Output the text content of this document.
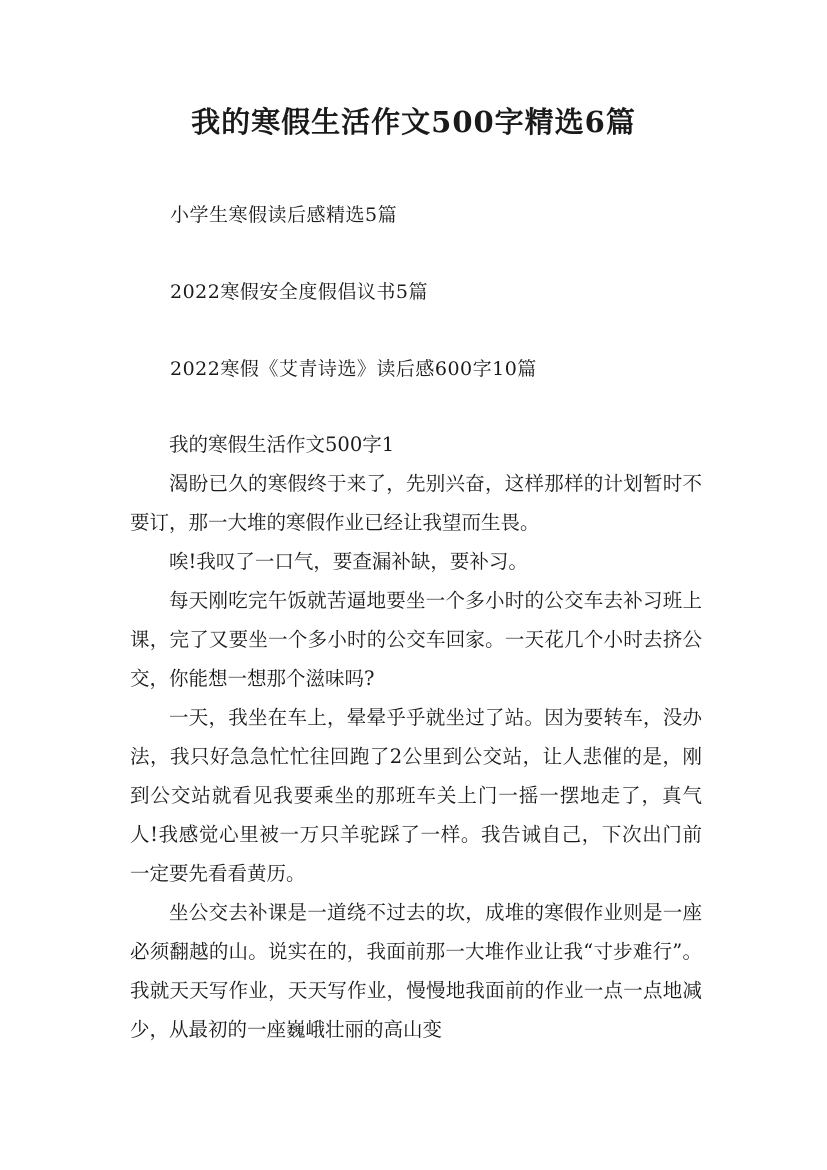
我的寒假生活作文500字精选6篇
小学生寒假读后感精选5篇
2022寒假安全度假倡议书5篇
2022寒假《艾青诗选》读后感600字10篇

我的寒假生活作文500字1

渴盼已久的寒假终于来了，先别兴奋，这样那样的计划暂时不要订，那一大堆的寒假作业已经让我望而生畏。

唉!我叹了一口气，要查漏补缺，要补习。

每天刚吃完午饭就苦逼地要坐一个多小时的公交车去补习班上课，完了又要坐一个多小时的公交车回家。一天花几个小时去挤公交，你能想一想那个滋味吗?

一天，我坐在车上，晕晕乎乎就坐过了站。因为要转车，没办法，我只好急急忙忙往回跑了2公里到公交站，让人悲催的是，刚到公交站就看见我要乘坐的那班车关上门一摇一摆地走了，真气人!我感觉心里被一万只羊驼踩了一样。我告诫自己，下次出门前一定要先看看黄历。

坐公交去补课是一道绕不过去的坎，成堆的寒假作业则是一座必须翻越的山。说实在的，我面前那一大堆作业让我“寸步难行”。我就天天写作业，天天写作业，慢慢地我面前的作业一点一点地减少，从最初的一座巍峨壮丽的高山变
